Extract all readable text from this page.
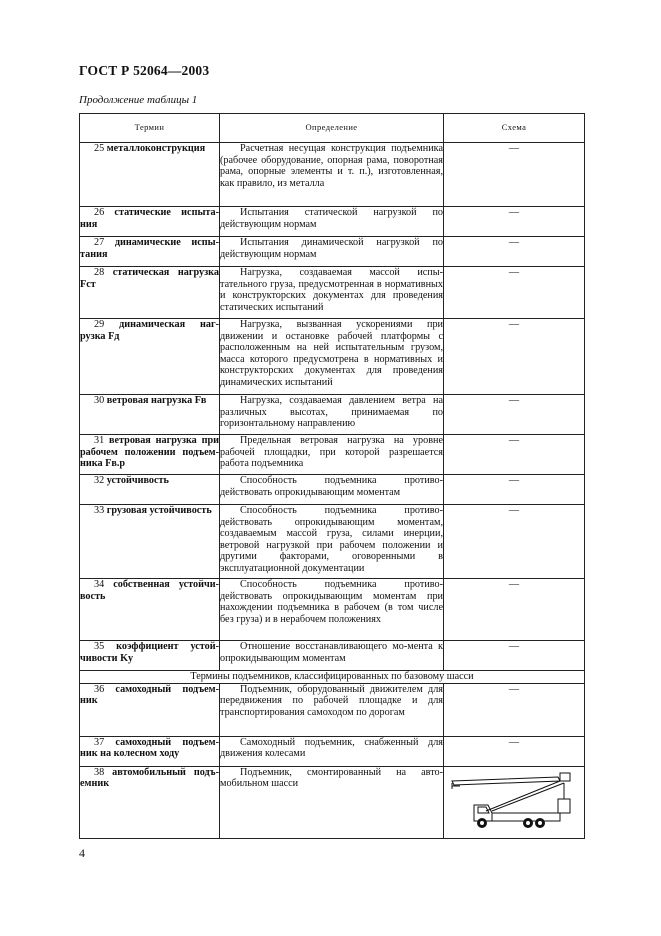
ГОСТ Р 52064—2003
Продолжение таблицы 1
Термин	Определение	Схема
25 металлоконструкция	Расчетная несущая конструкция подъемника (рабочее оборудование, опорная рама, поворотная рама, опорные элементы и т. п.), изготовленная, как правило, из металла	—
26 статические испыта-ния	Испытания статической нагрузкой по действующим нормам	—
27 динамические испы-тания	Испытания динамической нагрузкой по действующим нормам	—
28 статическая нагрузка Fст	Нагрузка, создаваемая массой испы-тательного груза, предусмотренная в нормативных и конструкторских документах для проведения статических испытаний	—
29 динамическая наг-рузка Fд	Нагрузка, вызванная ускорениями при движении и остановке рабочей платформы с расположенным на ней испытательным грузом, масса которого предусмотрена в нормативных и конструкторских документах для проведения динамических испытаний	—
30 ветровая нагрузка Fв	Нагрузка, создаваемая давлением ветра на различных высотах, принимаемая по горизонтальному направлению	—
31 ветровая нагрузка при рабочем положении подъем-ника Fв.р	Предельная ветровая нагрузка на уровне рабочей площадки, при которой разрешается работа подъемника	—
32 устойчивость	Способность подъемника противо-действовать опрокидывающим моментам	—
33 грузовая устойчивость	Способность подъемника противо-действовать опрокидывающим моментам, создаваемым массой груза, силами инерции, ветровой нагрузкой при рабочем положении и другими факторами, оговоренными в эксплуатационной документации	—
34 собственная устойчи-вость	Способность подъемника противо-действовать опрокидывающим моментам при нахождении подъемника в рабочем (в том числе без груза) и в нерабочем положениях	—
35 коэффициент устой-чивости Kу	Отношение восстанавливающего мо-мента к опрокидывающим моментам	—
Термины подъемников, классифицированных по базовому шасси		
36 самоходный подъем-ник	Подъемник, оборудованный движителем для передвижения по рабочей площадке и для транспортирования самоходом по дорогам	—
37 самоходный подъем-ник на колесном ходу	Самоходный подъемник, снабженный для движения колесами	—
38 автомобильный подъ-емник	Подъемник, смонтированный на авто-мобильном шасси

4
